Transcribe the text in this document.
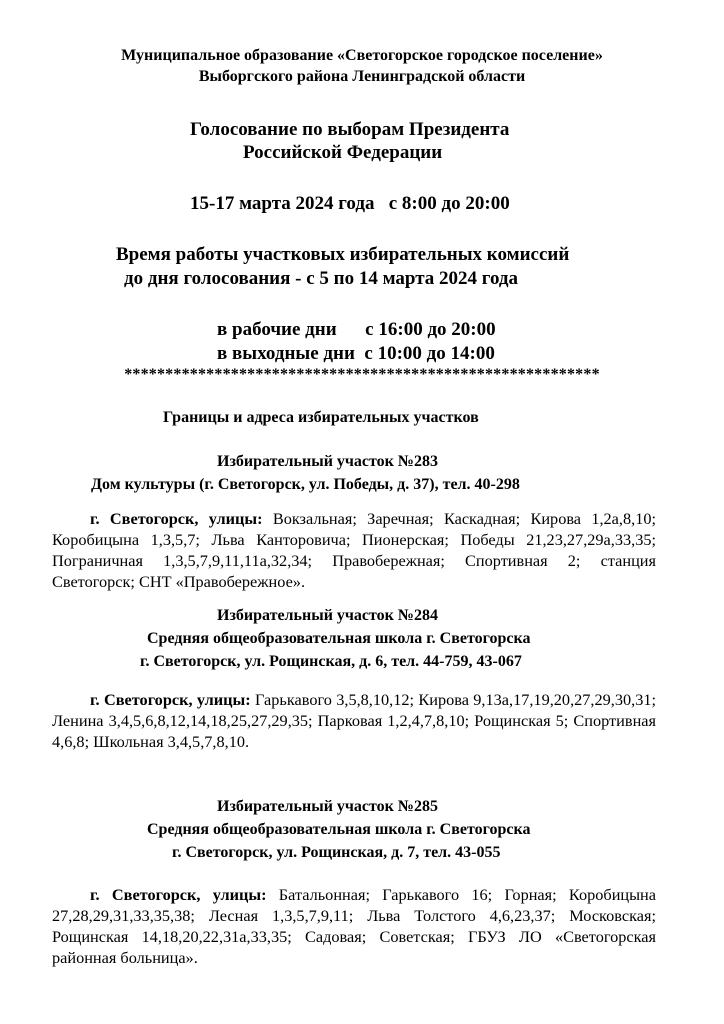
Муниципальное образование «Светогорское городское поселение»
Выборгского района Ленинградской области
Голосование по выборам Президента
Российской Федерации
15-17 марта 2024 года   с 8:00 до 20:00
Время работы участковых избирательных комиссий
до дня голосования - с 5 по 14 марта 2024 года
в рабочие дни      с 16:00 до 20:00
в выходные дни  с 10:00 до 14:00
**********************************************************
Границы и адреса избирательных участков
Избирательный участок №283
Дом культуры (г. Светогорск, ул. Победы, д. 37), тел. 40-298
г. Светогорск, улицы: Вокзальная; Заречная; Каскадная; Кирова 1,2а,8,10; Коробицына 1,3,5,7; Льва Канторовича; Пионерская; Победы 21,23,27,29а,33,35; Пограничная 1,3,5,7,9,11,11а,32,34; Правобережная; Спортивная 2; станция Светогорск; СНТ «Правобережное».
Избирательный участок №284
Средняя общеобразовательная школа г. Светогорска
г. Светогорск, ул. Рощинская, д. 6, тел. 44-759, 43-067
г. Светогорск, улицы: Гарькавого 3,5,8,10,12; Кирова 9,13а,17,19,20,27,29,30,31; Ленина 3,4,5,6,8,12,14,18,25,27,29,35; Парковая 1,2,4,7,8,10; Рощинская 5; Спортивная 4,6,8; Школьная 3,4,5,7,8,10.
Избирательный участок №285
Средняя общеобразовательная школа г. Светогорска
г. Светогорск, ул. Рощинская, д. 7, тел. 43-055
г. Светогорск, улицы: Батальонная; Гарькавого 16; Горная; Коробицына 27,28,29,31,33,35,38; Лесная 1,3,5,7,9,11; Льва Толстого 4,6,23,37; Московская; Рощинская 14,18,20,22,31а,33,35; Садовая; Советская; ГБУЗ ЛО «Светогорская районная больница».
